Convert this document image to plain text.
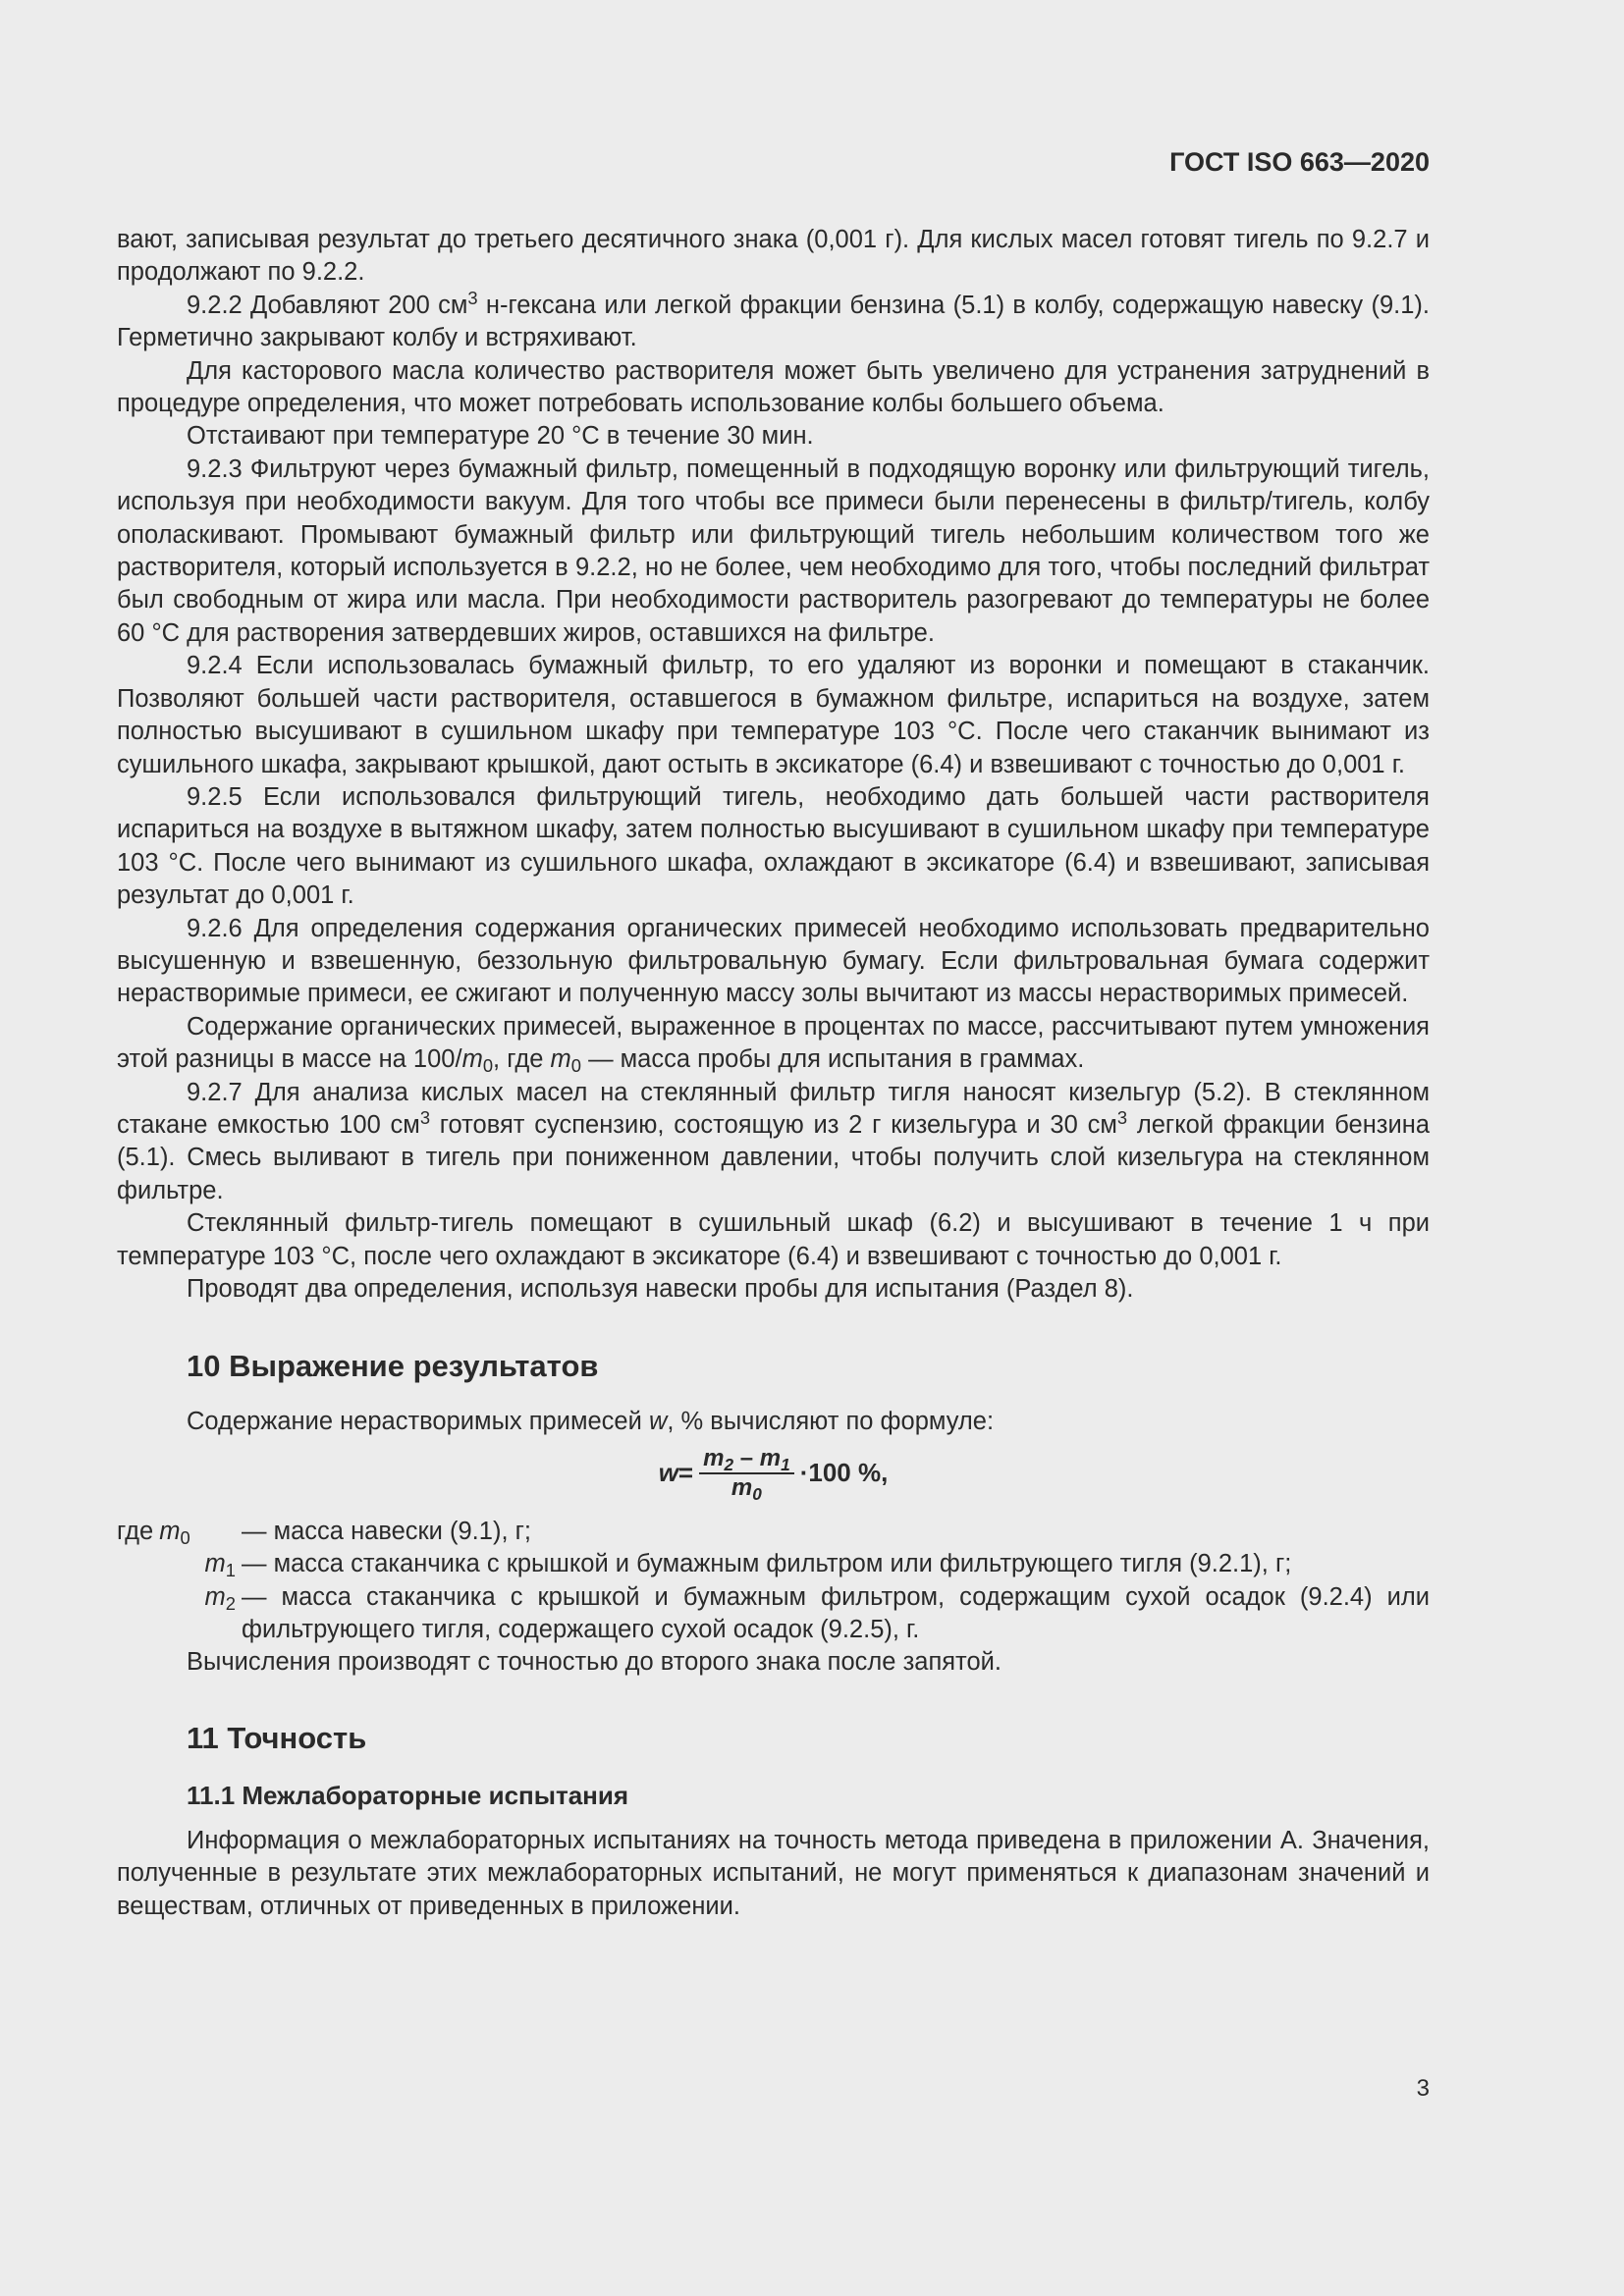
ГОСТ ISO 663—2020

вают, записывая результат до третьего десятичного знака (0,001 г). Для кислых масел готовят тигель по 9.2.7 и продолжают по 9.2.2.

9.2.2 Добавляют 200 $см^3$ н-гексана или легкой фракции бензина (5.1) в колбу, содержащую навеску (9.1). Герметично закрывают колбу и встряхивают.

Для касторового масла количество растворителя может быть увеличено для устранения затруднений в процедуре определения, что может потребовать использование колбы большего объема.

Отстаивают при температуре 20 °С в течение 30 мин.

9.2.3 Фильтруют через бумажный фильтр, помещенный в подходящую воронку или фильтрующий тигель, используя при необходимости вакуум. Для того чтобы все примеси были перенесены в фильтр/тигель, колбу ополаскивают. Промывают бумажный фильтр или фильтрующий тигель небольшим количеством того же растворителя, который используется в 9.2.2, но не более, чем необходимо для того, чтобы последний фильтрат был свободным от жира или масла. При необходимости растворитель разогревают до температуры не более 60 °С для растворения затвердевших жиров, оставшихся на фильтре.

9.2.4 Если использовалась бумажный фильтр, то его удаляют из воронки и помещают в стаканчик. Позволяют большей части растворителя, оставшегося в бумажном фильтре, испариться на воздухе, затем полностью высушивают в сушильном шкафу при температуре 103 °С. После чего стаканчик вынимают из сушильного шкафа, закрывают крышкой, дают остыть в эксикаторе (6.4) и взвешивают с точностью до 0,001 г.

9.2.5 Если использовался фильтрующий тигель, необходимо дать большей части растворителя испариться на воздухе в вытяжном шкафу, затем полностью высушивают в сушильном шкафу при температуре 103 °С. После чего вынимают из сушильного шкафа, охлаждают в эксикаторе (6.4) и взвешивают, записывая результат до 0,001 г.

9.2.6 Для определения содержания органических примесей необходимо использовать предварительно высушенную и взвешенную, беззольную фильтровальную бумагу. Если фильтровальная бумага содержит нерастворимые примеси, ее сжигают и полученную массу золы вычитают из массы нерастворимых примесей.

Содержание органических примесей, выраженное в процентах по массе, рассчитывают путем умножения этой разницы в массе на $100/m_0$, где $m_0$ — масса пробы для испытания в граммах.

9.2.7 Для анализа кислых масел на стеклянный фильтр тигля наносят кизельгур (5.2). В стеклянном стакане емкостью 100 $см^3$ готовят суспензию, состоящую из 2 г кизельгура и 30 $см^3$ легкой фракции бензина (5.1). Смесь выливают в тигель при пониженном давлении, чтобы получить слой кизельгура на стеклянном фильтре.

Стеклянный фильтр-тигель помещают в сушильный шкаф (6.2) и высушивают в течение 1 ч при температуре 103 °С, после чего охлаждают в эксикаторе (6.4) и взвешивают с точностью до 0,001 г.

Проводят два определения, используя навески пробы для испытания (Раздел 8).

10 Выражение результатов

Содержание нерастворимых примесей w, % вычисляют по формуле:

$w = \frac{m_2 - m_1}{m_0} \cdot 100$ %,
где $m_0$	— масса навески (9.1), г;
$m_1$ — масса стаканчика с крышкой и бумажным фильтром или фильтрующего тигля (9.2.1), г;
$m_2$ — масса стаканчика с крышкой и бумажным фильтром, содержащим сухой осадок (9.2.4) или фильтрующего тигля, содержащего сухой осадок (9.2.5), г.

Вычисления производят с точностью до второго знака после запятой.

11 Точность
11.1 Межлабораторные испытания

Информация о межлабораторных испытаниях на точность метода приведена в приложении А. Значения, полученные в результате этих межлабораторных испытаний, не могут применяться к диапазонам значений и веществам, отличных от приведенных в приложении.

3
